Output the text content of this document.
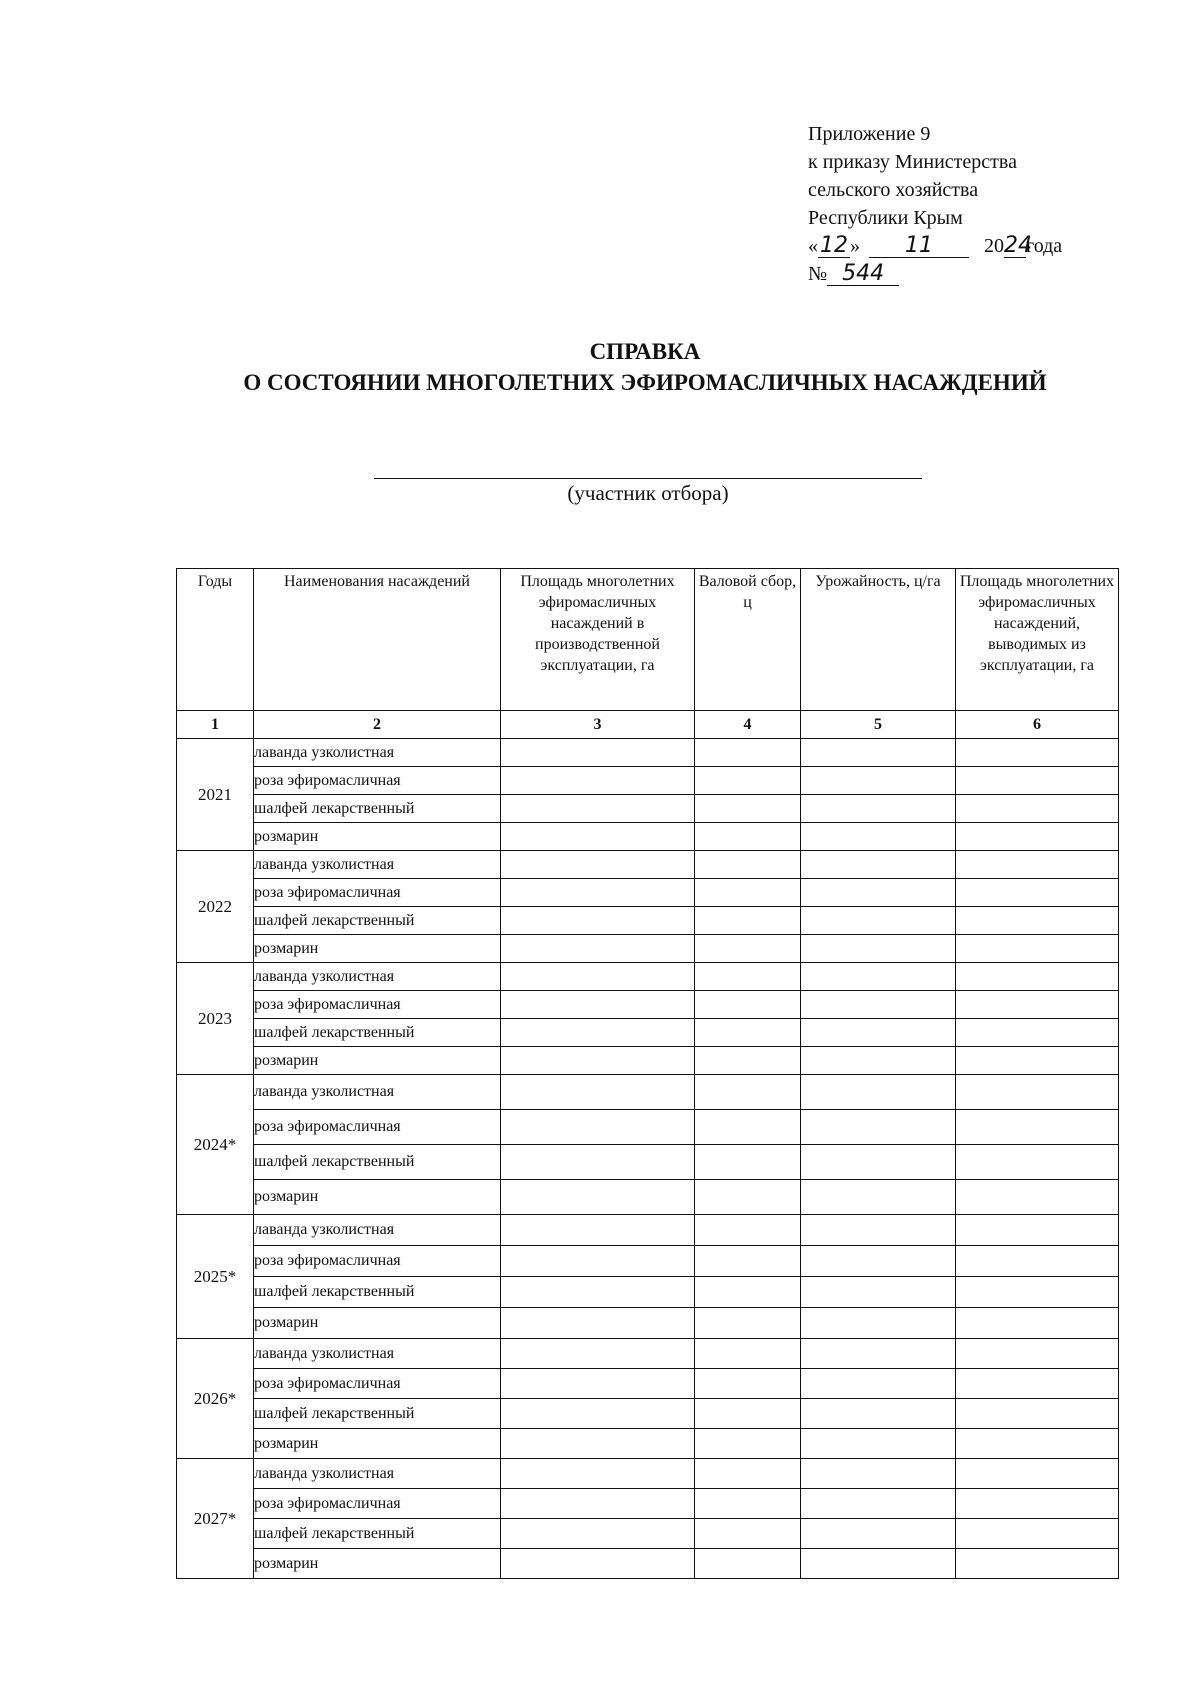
Приложение 9
к приказу Министерства
сельского хозяйства
Республики Крым
«12 » 11	2024года
№ 544
СПРАВКА
О СОСТОЯНИИ МНОГОЛЕТНИХ ЭФИРОМАСЛИЧНЫХ НАСАЖДЕНИЙ
(участник отбора)
Годы	Наименования насаждений	Площадь многолетних эфиромасличных насаждений в производственной эксплуатации, га	Валовой сбор, ц	Урожайность, ц/га	Площадь многолетних эфиромасличных насаждений, выводимых из эксплуатации, га
1	2	3	4	5	6
2021	лаванда узколистная				
	роза эфиромасличная				
	шалфей лекарственный				
	розмарин				
2022	лаванда узколистная				
	роза эфиромасличная				
	шалфей лекарственный				
	розмарин				
2023	лаванда узколистная				
	роза эфиромасличная				
	шалфей лекарственный				
	розмарин				
2024*	лаванда узколистная				
	роза эфиромасличная				
	шалфей лекарственный				
	розмарин				
2025*	лаванда узколистная				
	роза эфиромасличная				
	шалфей лекарственный				
	розмарин				
2026*	лаванда узколистная				
	роза эфиромасличная				
	шалфей лекарственный				
	розмарин				
2027*	лаванда узколистная				
	роза эфиромасличная				
	шалфей лекарственный				
	розмарин				
